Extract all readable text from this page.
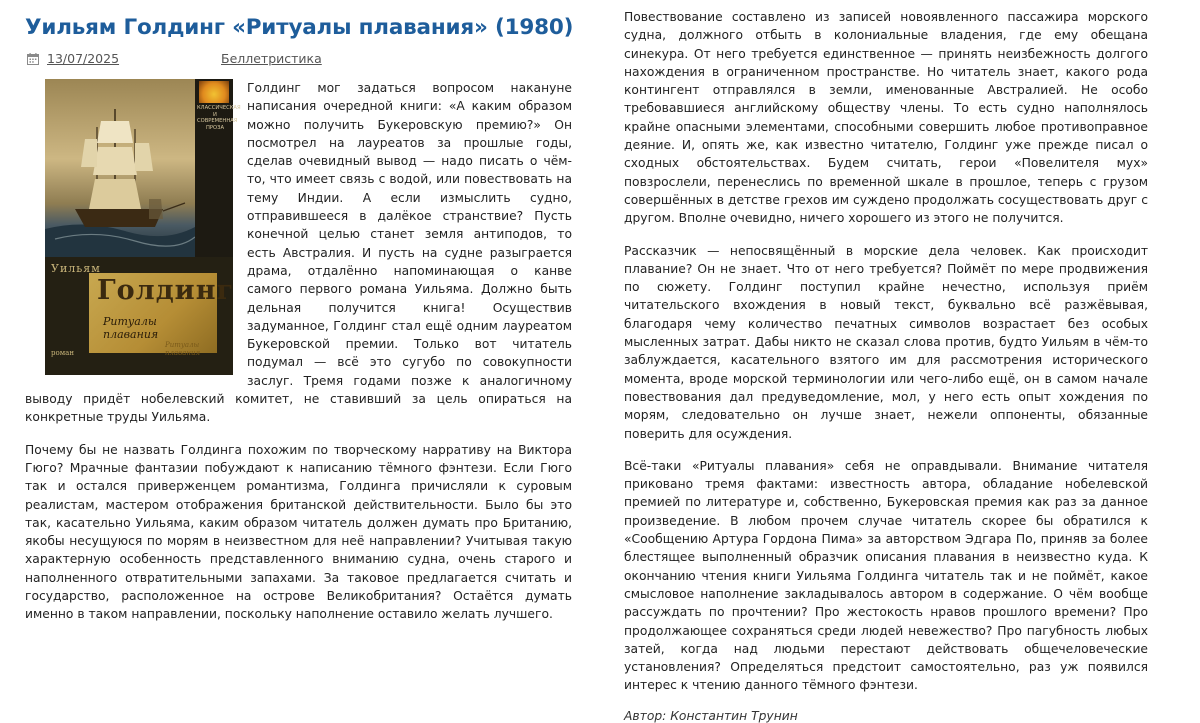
Уильям Голдинг «Ритуалы плавания» (1980)
13/07/2025	Беллетристика
КЛАССИЧЕСКАЯ И СОВРЕМЕННАЯ ПРОЗА
Уильям
Голдинг
Ритуалы
плавания
Ритуалы плавания
роман

Голдинг мог задаться вопросом накануне написания очередной книги: «А каким образом можно получить Букеровскую премию?» Он посмотрел на лауреатов за прошлые годы, сделав очевидный вывод — надо писать о чём-то, что имеет связь с водой, или повествовать на тему Индии. А если измыслить судно, отправившееся в далёкое странствие? Пусть конечной целью станет земля антиподов, то есть Австралия. И пусть на судне разыграется драма, отдалённо напоминающая о канве самого первого романа Уильяма. Должно быть дельная получится книга! Осуществив задуманное, Голдинг стал ещё одним лауреатом Букеровской премии. Только вот читатель подумал — всё это сугубо по совокупности заслуг. Тремя годами позже к аналогичному выводу придёт нобелевский комитет, не ставивший за цель опираться на конкретные труды Уильяма.

Почему бы не назвать Голдинга похожим по творческому нарративу на Виктора Гюго? Мрачные фантазии побуждают к написанию тёмного фэнтези. Если Гюго так и остался приверженцем романтизма, Голдинга причисляли к суровым реалистам, мастером отображения британской действительности. Было бы это так, касательно Уильяма, каким образом читатель должен думать про Британию, якобы несущуюся по морям в неизвестном для неё направлении? Учитывая такую характерную особенность представленного вниманию судна, очень старого и наполненного отвратительными запахами. За таковое предлагается считать и государство, расположенное на острове Великобритания? Остаётся думать именно в таком направлении, поскольку наполнение оставило желать лучшего.

Повествование составлено из записей новоявленного пассажира морского судна, должного отбыть в колониальные владения, где ему обещана синекура. От него требуется единственное — принять неизбежность долгого нахождения в ограниченном пространстве. Но читатель знает, какого рода контингент отправлялся в земли, именованные Австралией. Не особо требовавшиеся английскому обществу члены. То есть судно наполнялось крайне опасными элементами, способными совершить любое противоправное деяние. И, опять же, как известно читателю, Голдинг уже прежде писал о сходных обстоятельствах. Будем считать, герои «Повелителя мух» повзрослели, перенеслись по временной шкале в прошлое, теперь с грузом совершённых в детстве грехов им суждено продолжать сосуществовать друг с другом. Вполне очевидно, ничего хорошего из этого не получится.

Рассказчик — непосвящённый в морские дела человек. Как происходит плавание? Он не знает. Что от него требуется? Поймёт по мере продвижения по сюжету. Голдинг поступил крайне нечестно, используя приём читательского вхождения в новый текст, буквально всё разжёвывая, благодаря чему количество печатных символов возрастает без особых мысленных затрат. Дабы никто не сказал слова против, будто Уильям в чём-то заблуждается, касательного взятого им для рассмотрения исторического момента, вроде морской терминологии или чего-либо ещё, он в самом начале повествования дал предуведомление, мол, у него есть опыт хождения по морям, следовательно он лучше знает, нежели оппоненты, обязанные поверить для осуждения.

Всё-таки «Ритуалы плавания» себя не оправдывали. Внимание читателя приковано тремя фактами: известность автора, обладание нобелевской премией по литературе и, собственно, Букеровская премия как раз за данное произведение. В любом прочем случае читатель скорее бы обратился к «Сообщению Артура Гордона Пима» за авторством Эдгара По, приняв за более блестящее выполненный образчик описания плавания в неизвестно куда. К окончанию чтения книги Уильяма Голдинга читатель так и не поймёт, какое смысловое наполнение закладывалось автором в содержание. О чём вообще рассуждать по прочтении? Про жестокость нравов прошлого времени? Про продолжающее сохраняться среди людей невежество? Про пагубность любых затей, когда над людьми перестают действовать общечеловеческие установления? Определяться предстоит самостоятельно, раз уж появился интерес к чтению данного тёмного фэнтези.

Автор: Константин Трунин
